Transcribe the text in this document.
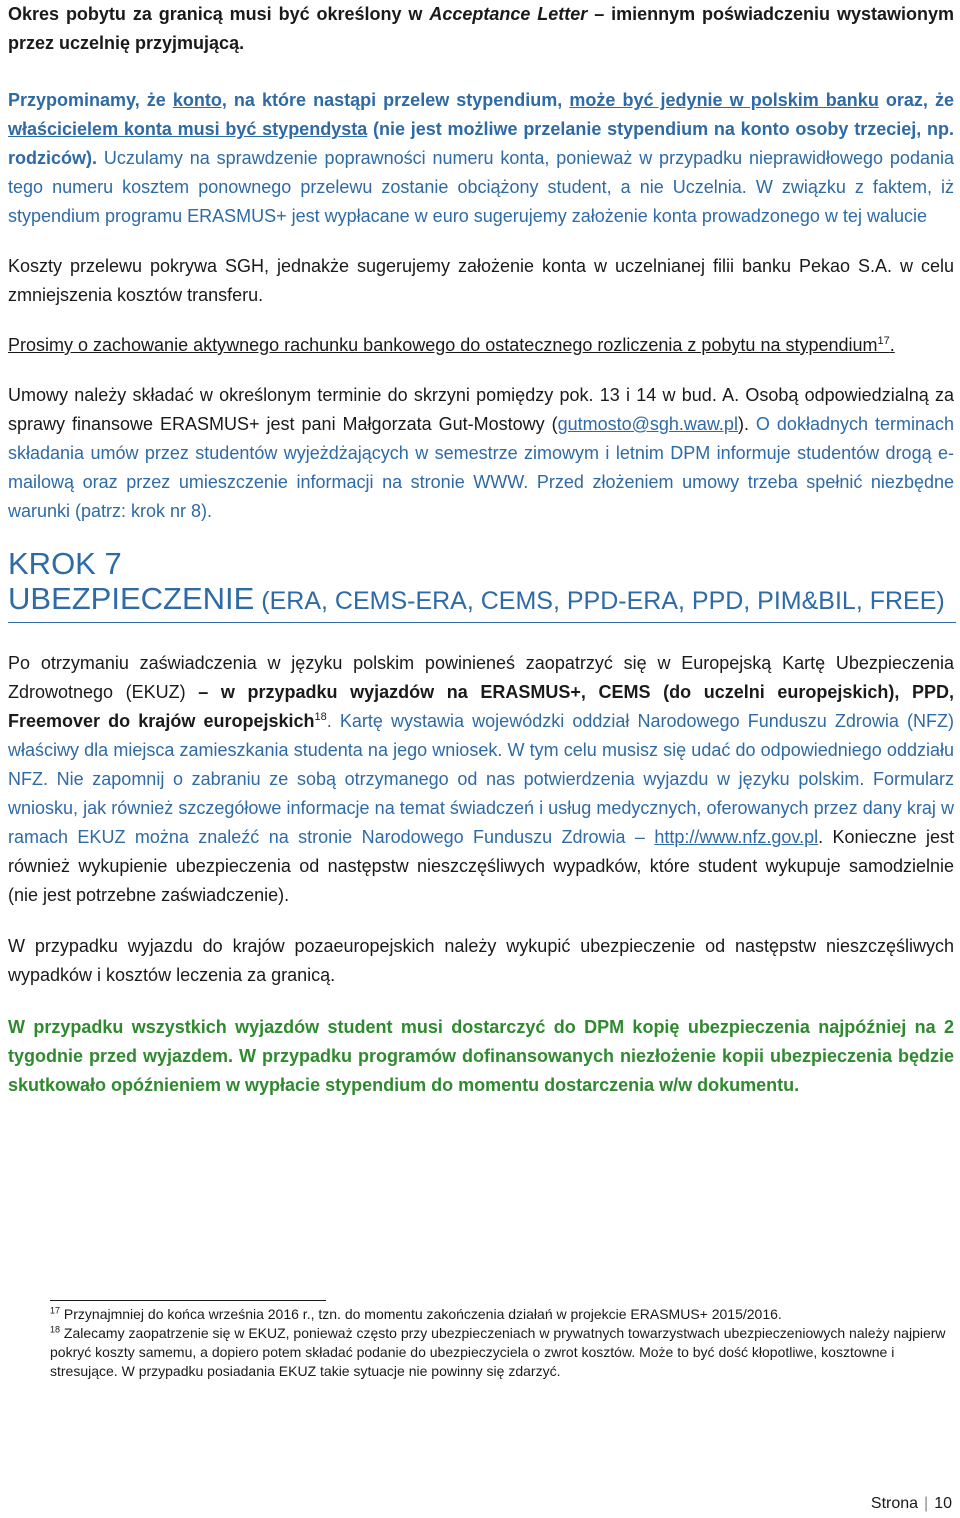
Okres pobytu za granicą musi być określony w Acceptance Letter – imiennym poświadczeniu wystawionym przez uczelnię przyjmującą.

Przypominamy, że konto, na które nastąpi przelew stypendium, może być jedynie w polskim banku oraz, że właścicielem konta musi być stypendysta (nie jest możliwe przelanie stypendium na konto osoby trzeciej, np. rodziców). Uczulamy na sprawdzenie poprawności numeru konta, ponieważ w przypadku nieprawidłowego podania tego numeru kosztem ponownego przelewu zostanie obciążony student, a nie Uczelnia. W związku z faktem, iż stypendium programu ERASMUS+ jest wypłacane w euro sugerujemy założenie konta prowadzonego w tej walucie

Koszty przelewu pokrywa SGH, jednakże sugerujemy założenie konta w uczelnianej filii banku Pekao S.A. w celu zmniejszenia kosztów transferu.

Prosimy o zachowanie aktywnego rachunku bankowego do ostatecznego rozliczenia z pobytu na stypendium$^{17}$.

Umowy należy składać w określonym terminie do skrzyni pomiędzy pok. 13 i 14 w bud. A. Osobą odpowiedzialną za sprawy finansowe ERASMUS+ jest pani Małgorzata Gut-Mostowy (gutmosto@sgh.waw.pl). O dokładnych terminach składania umów przez studentów wyjeżdżających w semestrze zimowym i letnim DPM informuje studentów drogą e-mailową oraz przez umieszczenie informacji na stronie WWW. Przed złożeniem umowy trzeba spełnić niezbędne warunki (patrz: krok nr 8).

KROK 7
UBEZPIECZENIE (ERA, CEMS-ERA, CEMS, PPD-ERA, PPD, PIM&BIL, FREE)

Po otrzymaniu zaświadczenia w języku polskim powinieneś zaopatrzyć się w Europejską Kartę Ubezpieczenia Zdrowotnego (EKUZ) – w przypadku wyjazdów na ERASMUS+, CEMS (do uczelni europejskich), PPD, Freemover do krajów europejskich$^{18}$. Kartę wystawia wojewódzki oddział Narodowego Funduszu Zdrowia (NFZ) właściwy dla miejsca zamieszkania studenta na jego wniosek. W tym celu musisz się udać do odpowiedniego oddziału NFZ. Nie zapomnij o zabraniu ze sobą otrzymanego od nas potwierdzenia wyjazdu w języku polskim. Formularz wniosku, jak również szczegółowe informacje na temat świadczeń i usług medycznych, oferowanych przez dany kraj w ramach EKUZ można znaleźć na stronie Narodowego Funduszu Zdrowia – http://www.nfz.gov.pl. Konieczne jest również wykupienie ubezpieczenia od następstw nieszczęśliwych wypadków, które student wykupuje samodzielnie (nie jest potrzebne zaświadczenie).

W przypadku wyjazdu do krajów pozaeuropejskich należy wykupić ubezpieczenie od następstw nieszczęśliwych wypadków i kosztów leczenia za granicą.

W przypadku wszystkich wyjazdów student musi dostarczyć do DPM kopię ubezpieczenia najpóźniej na 2 tygodnie przed wyjazdem. W przypadku programów dofinansowanych niezłożenie kopii ubezpieczenia będzie skutkowało opóźnieniem w wypłacie stypendium do momentu dostarczenia w/w dokumentu.

$^{17}$ Przynajmniej do końca września 2016 r., tzn. do momentu zakończenia działań w projekcie ERASMUS+ 2015/2016.

$^{18}$ Zalecamy zaopatrzenie się w EKUZ, ponieważ często przy ubezpieczeniach w prywatnych towarzystwach ubezpieczeniowych należy najpierw pokryć koszty samemu, a dopiero potem składać podanie do ubezpieczyciela o zwrot kosztów. Może to być dość kłopotliwe, kosztowne i stresujące. W przypadku posiadania EKUZ takie sytuacje nie powinny się zdarzyć.

Strona | 10
